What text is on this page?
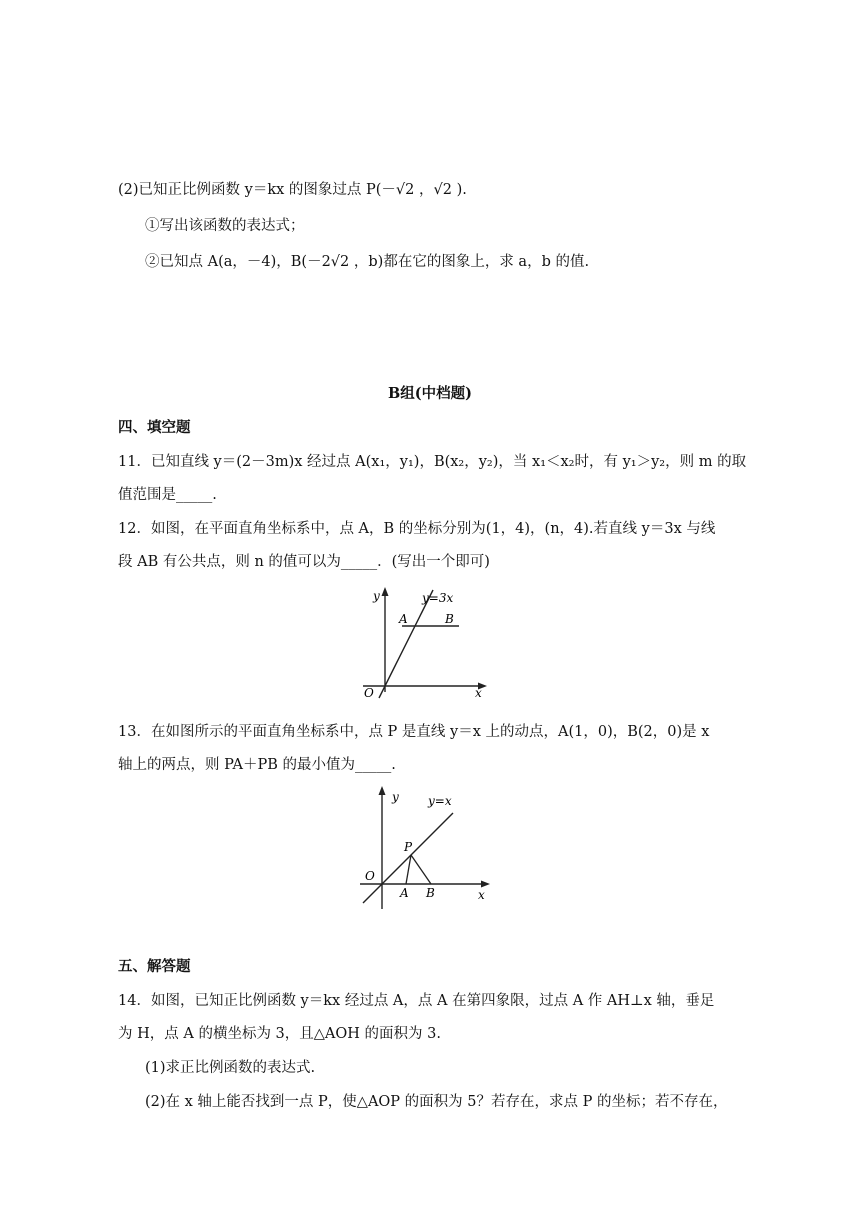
(2)已知正比例函数 y＝kx 的图象过点 P(－√2 ，√2 ).
①写出该函数的表达式；
②已知点 A(a，－4)，B(－2√2 ，b)都在它的图象上，求 a，b 的值.
B组(中档题)
四、填空题
11．已知直线 y＝(2－3m)x 经过点 A(x₁，y₁)，B(x₂，y₂)，当 x₁＜x₂时，有 y₁＞y₂，则 m 的取
值范围是_____.
12．如图，在平面直角坐标系中，点 A，B 的坐标分别为(1，4)，(n，4).若直线 y＝3x 与线
段 AB 有公共点，则 n 的值可以为_____．(写出一个即可)
y
x
O
y=3x
A	B
13．在如图所示的平面直角坐标系中，点 P 是直线 y＝x 上的动点，A(1，0)，B(2，0)是 x
轴上的两点，则 PA＋PB 的最小值为_____.
y
x
O
y=x
P
A B
五、解答题
14．如图，已知正比例函数 y＝kx 经过点 A，点 A 在第四象限，过点 A 作 AH⊥x 轴，垂足
为 H，点 A 的横坐标为 3，且△AOH 的面积为 3.
(1)求正比例函数的表达式.
(2)在 x 轴上能否找到一点 P，使△AOP 的面积为 5？若存在，求点 P 的坐标；若不存在，
